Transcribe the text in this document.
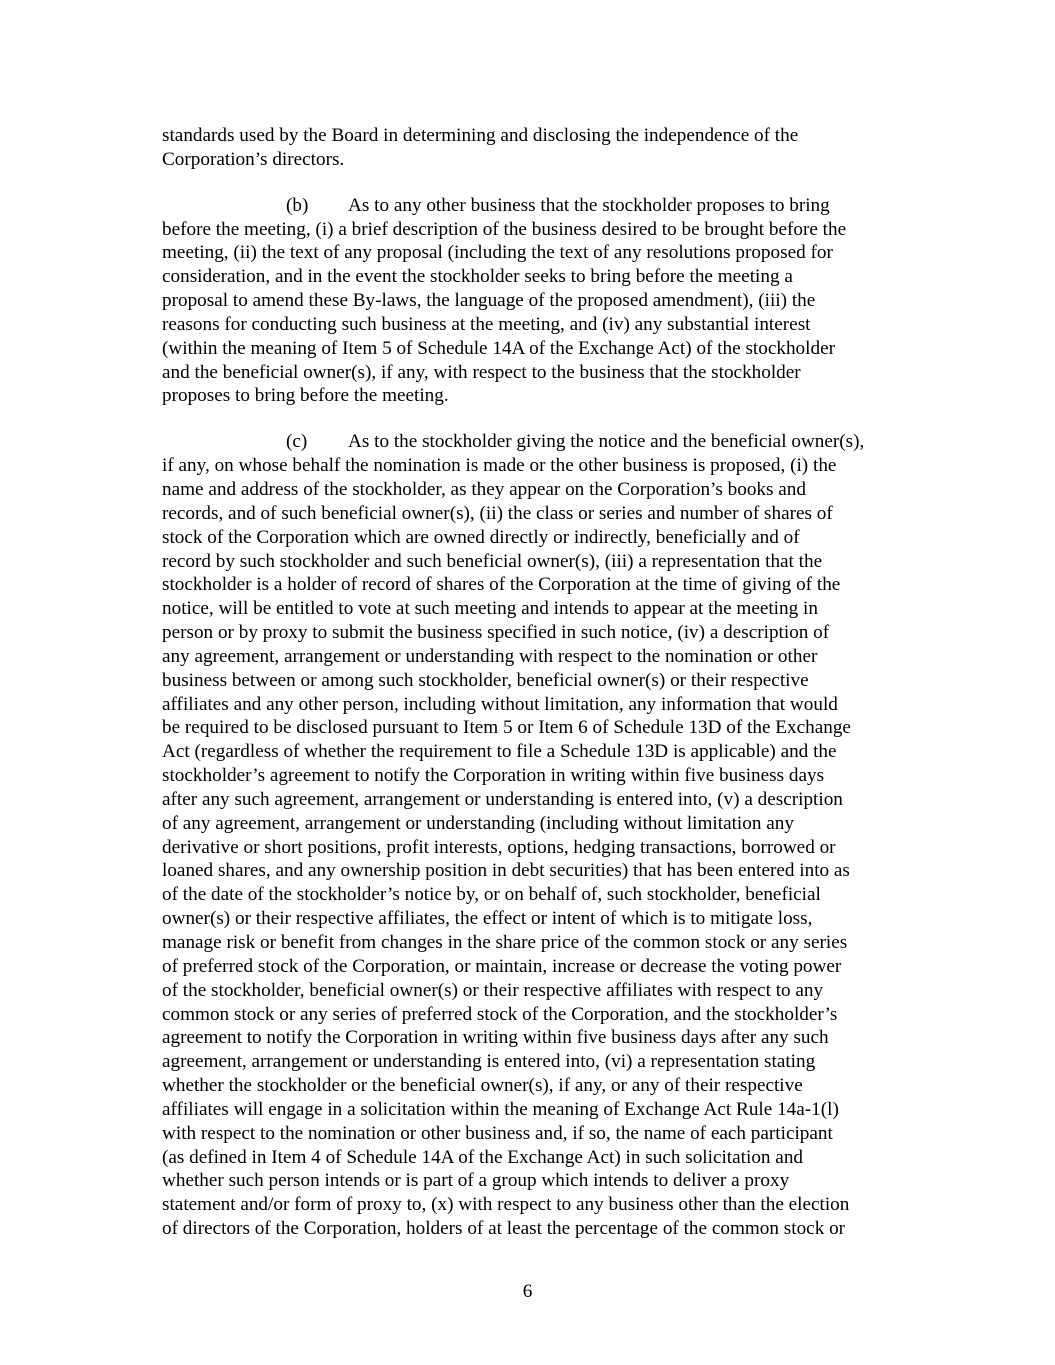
standards used by the Board in determining and disclosing the independence of the
Corporation’s directors.
(b) As to any other business that the stockholder proposes to bring
before the meeting, (i) a brief description of the business desired to be brought before the
meeting, (ii) the text of any proposal (including the text of any resolutions proposed for
consideration, and in the event the stockholder seeks to bring before the meeting a
proposal to amend these By-laws, the language of the proposed amendment), (iii) the
reasons for conducting such business at the meeting, and (iv) any substantial interest
(within the meaning of Item 5 of Schedule 14A of the Exchange Act) of the stockholder
and the beneficial owner(s), if any, with respect to the business that the stockholder
proposes to bring before the meeting.
(c) As to the stockholder giving the notice and the beneficial owner(s),
if any, on whose behalf the nomination is made or the other business is proposed, (i) the
name and address of the stockholder, as they appear on the Corporation’s books and
records, and of such beneficial owner(s), (ii) the class or series and number of shares of
stock of the Corporation which are owned directly or indirectly, beneficially and of
record by such stockholder and such beneficial owner(s), (iii) a representation that the
stockholder is a holder of record of shares of the Corporation at the time of giving of the
notice, will be entitled to vote at such meeting and intends to appear at the meeting in
person or by proxy to submit the business specified in such notice, (iv) a description of
any agreement, arrangement or understanding with respect to the nomination or other
business between or among such stockholder, beneficial owner(s) or their respective
affiliates and any other person, including without limitation, any information that would
be required to be disclosed pursuant to Item 5 or Item 6 of Schedule 13D of the Exchange
Act (regardless of whether the requirement to file a Schedule 13D is applicable) and the
stockholder’s agreement to notify the Corporation in writing within five business days
after any such agreement, arrangement or understanding is entered into, (v) a description
of any agreement, arrangement or understanding (including without limitation any
derivative or short positions, profit interests, options, hedging transactions, borrowed or
loaned shares, and any ownership position in debt securities) that has been entered into as
of the date of the stockholder’s notice by, or on behalf of, such stockholder, beneficial
owner(s) or their respective affiliates, the effect or intent of which is to mitigate loss,
manage risk or benefit from changes in the share price of the common stock or any series
of preferred stock of the Corporation, or maintain, increase or decrease the voting power
of the stockholder, beneficial owner(s) or their respective affiliates with respect to any
common stock or any series of preferred stock of the Corporation, and the stockholder’s
agreement to notify the Corporation in writing within five business days after any such
agreement, arrangement or understanding is entered into, (vi) a representation stating
whether the stockholder or the beneficial owner(s), if any, or any of their respective
affiliates will engage in a solicitation within the meaning of Exchange Act Rule 14a-1(l)
with respect to the nomination or other business and, if so, the name of each participant
(as defined in Item 4 of Schedule 14A of the Exchange Act) in such solicitation and
whether such person intends or is part of a group which intends to deliver a proxy
statement and/or form of proxy to, (x) with respect to any business other than the election
of directors of the Corporation, holders of at least the percentage of the common stock or
6
